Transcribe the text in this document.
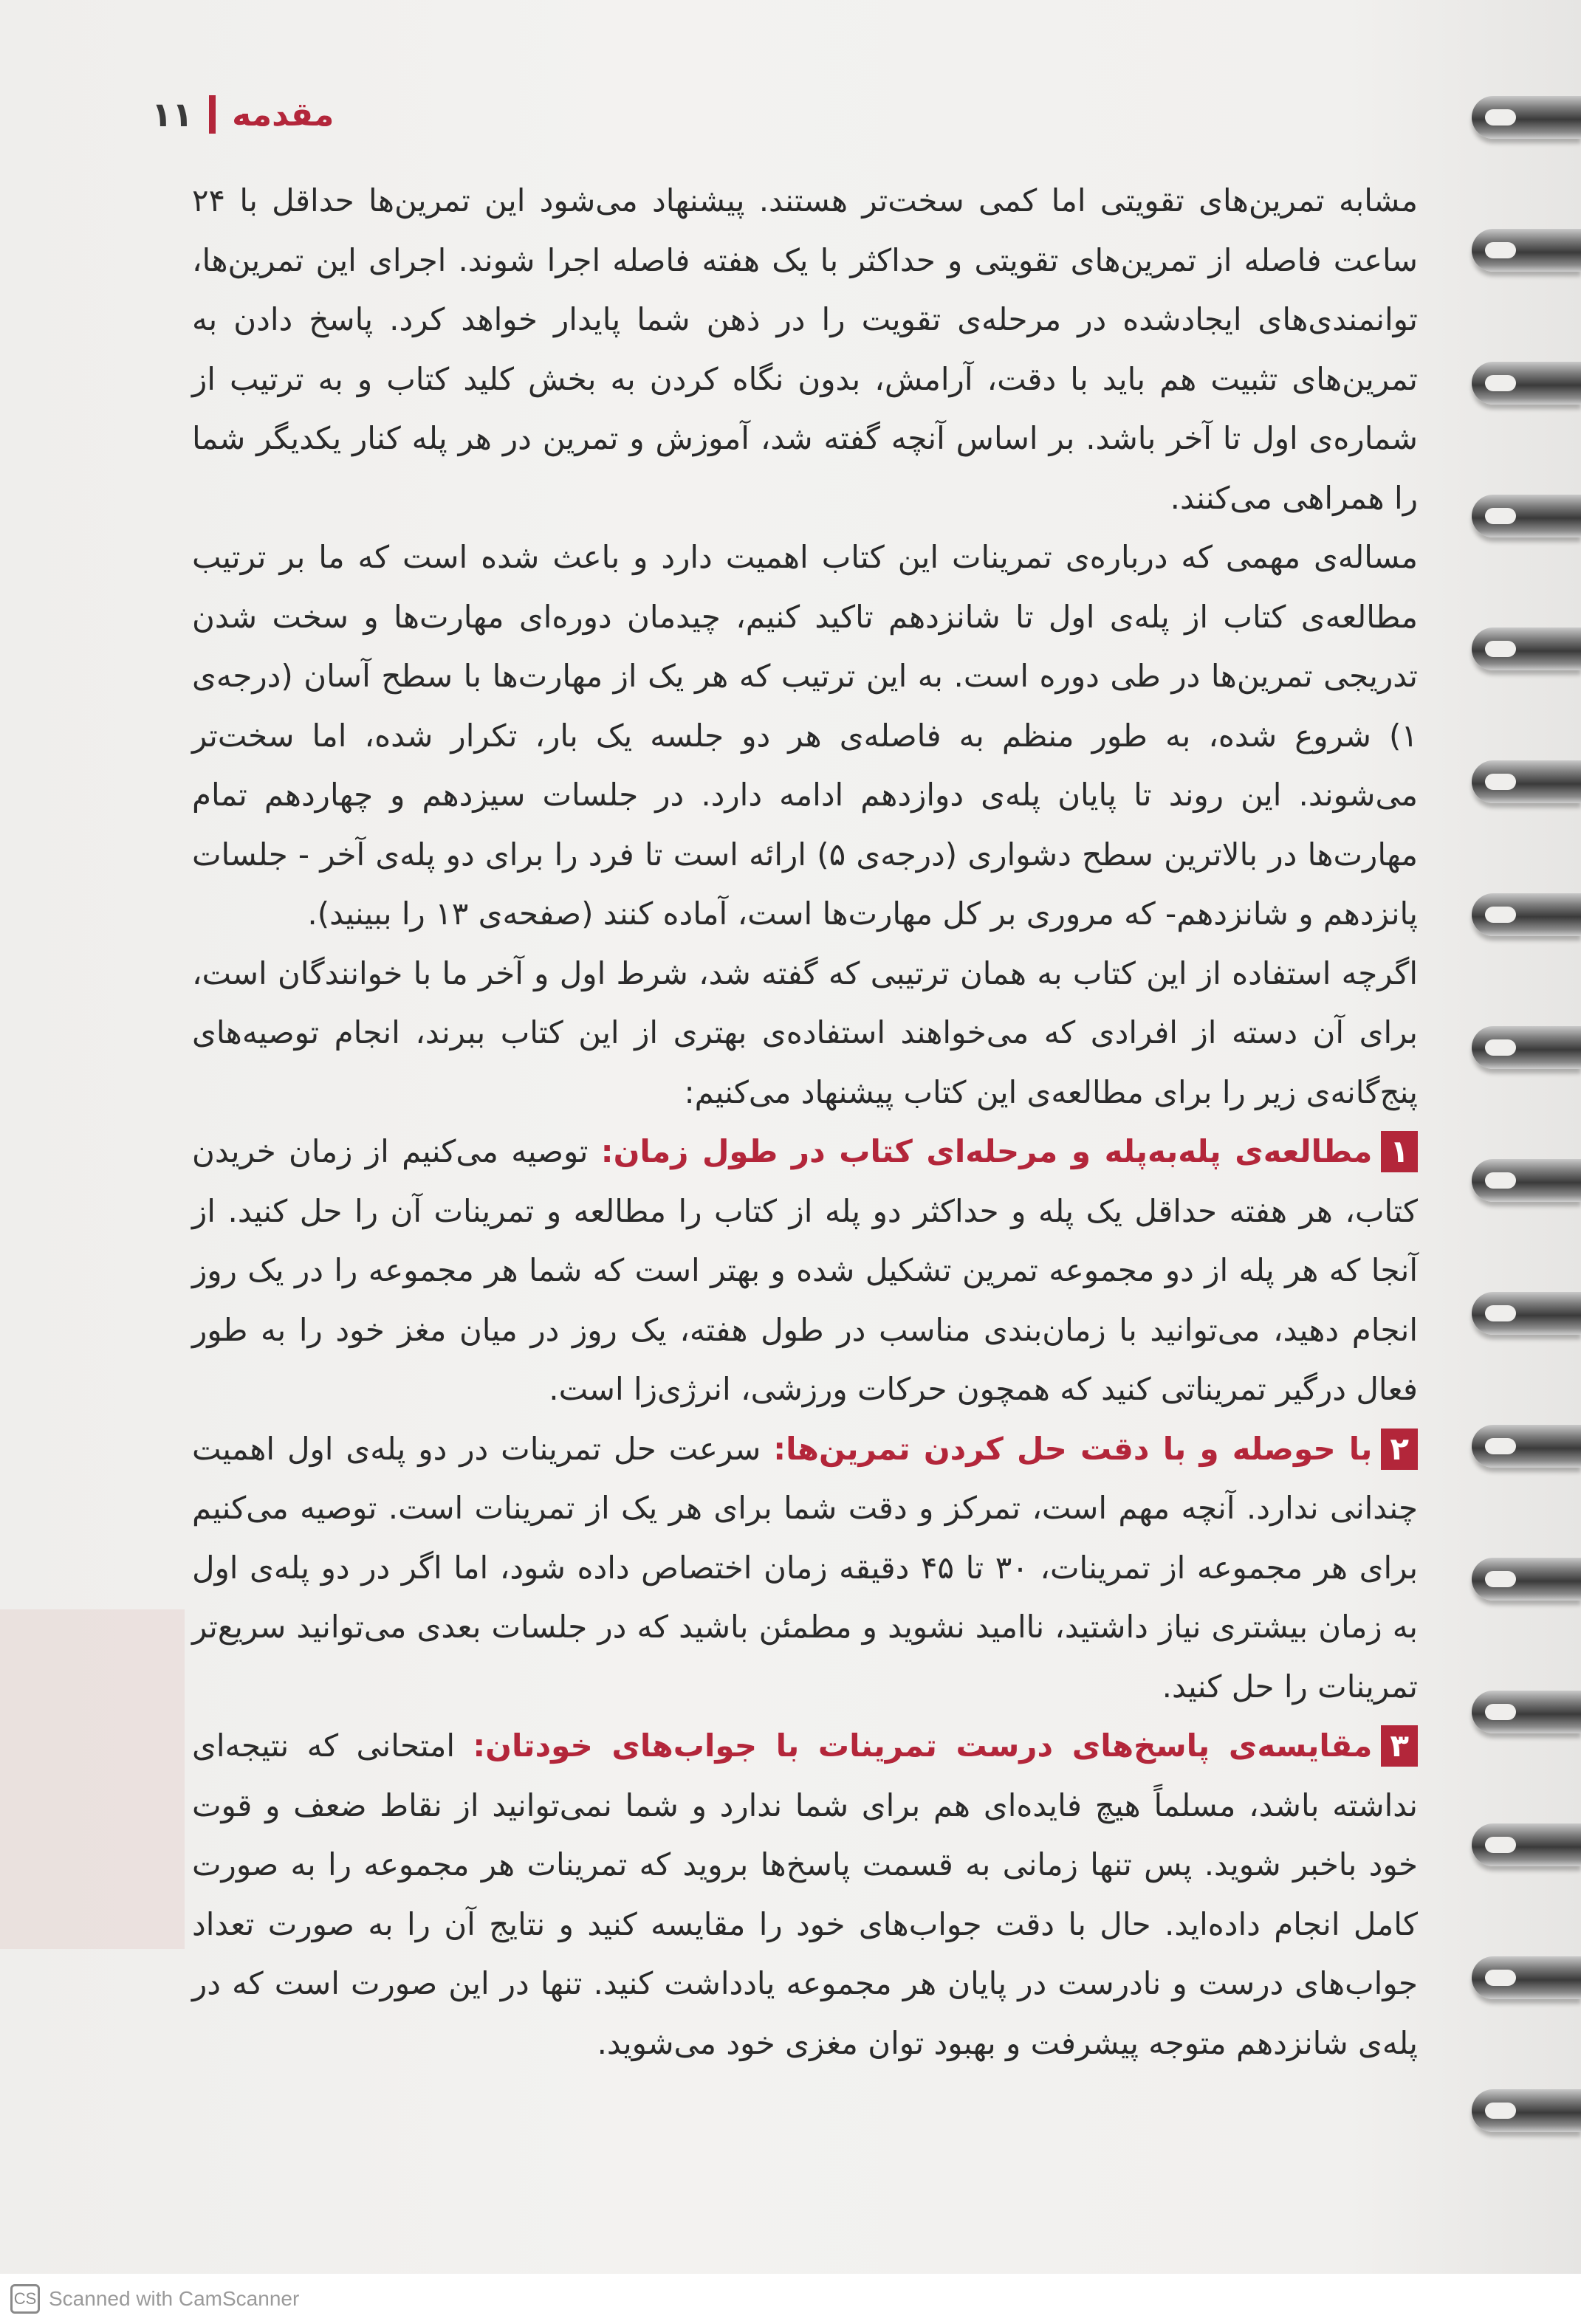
۱۱ مقدمه

مشابه تمرین‌های تقویتی اما کمی سخت‌تر هستند. پیشنهاد می‌شود این تمرین‌ها حداقل با ۲۴ ساعت فاصله از تمرین‌های تقویتی و حداکثر با یک هفته فاصله اجرا شوند. اجرای این تمرین‌ها، توانمندی‌های ایجادشده در مرحله‌ی تقویت را در ذهن شما پایدار خواهد کرد. پاسخ دادن به تمرین‌های تثبیت هم باید با دقت، آرامش، بدون نگاه کردن به بخش کلید کتاب و به ترتیب از شماره‌ی اول تا آخر باشد. بر اساس آنچه گفته شد، آموزش و تمرین در هر پله کنار یکدیگر شما را همراهی می‌کنند.

مساله‌ی مهمی که درباره‌ی تمرینات این کتاب اهمیت دارد و باعث شده است که ما بر ترتیب مطالعه‌ی کتاب از پله‌ی اول تا شانزدهم تاکید کنیم، چیدمان دوره‌ای مهارت‌ها و سخت شدن تدریجی تمرین‌ها در طی دوره است. به این ترتیب که هر یک از مهارت‌ها با سطح آسان (درجه‌ی ۱) شروع شده، به طور منظم به فاصله‌ی هر دو جلسه یک بار، تکرار شده، اما سخت‌تر می‌شوند. این روند تا پایان پله‌ی دوازدهم ادامه دارد. در جلسات سیزدهم و چهاردهم تمام مهارت‌ها در بالاترین سطح دشواری (درجه‌ی ۵) ارائه است تا فرد را برای دو پله‌ی آخر - جلسات پانزدهم و شانزدهم- که مروری بر کل مهارت‌ها است، آماده کنند (صفحه‌ی ۱۳ را ببینید).

اگرچه استفاده از این کتاب به همان ترتیبی که گفته شد، شرط اول و آخر ما با خوانندگان است، برای آن دسته از افرادی که می‌خواهند استفاده‌ی بهتری از این کتاب ببرند، انجام توصیه‌های پنج‌گانه‌ی زیر را برای مطالعه‌ی این کتاب پیشنهاد می‌کنیم:

۱مطالعه‌ی پله‌به‌پله و مرحله‌ای کتاب در طول زمان: توصیه می‌کنیم از زمان خریدن کتاب، هر هفته حداقل یک پله و حداکثر دو پله از کتاب را مطالعه و تمرینات آن را حل کنید. از آنجا که هر پله از دو مجموعه تمرین تشکیل شده و بهتر است که شما هر مجموعه را در یک روز انجام دهید، می‌توانید با زمان‌بندی مناسب در طول هفته، یک روز در میان مغز خود را به طور فعال درگیر تمریناتی کنید که همچون حرکات ورزشی، انرژی‌زا است.

۲با حوصله و با دقت حل کردن تمرین‌ها: سرعت حل تمرینات در دو پله‌ی اول اهمیت چندانی ندارد. آنچه مهم است، تمرکز و دقت شما برای هر یک از تمرینات است. توصیه می‌کنیم برای هر مجموعه از تمرینات، ۳۰ تا ۴۵ دقیقه زمان اختصاص داده شود، اما اگر در دو پله‌ی اول به زمان بیشتری نیاز داشتید، ناامید نشوید و مطمئن باشید که در جلسات بعدی می‌توانید سریع‌تر تمرینات را حل کنید.

۳مقایسه‌ی پاسخ‌های درست تمرینات با جواب‌های خودتان: امتحانی که نتیجه‌ای نداشته باشد، مسلماً هیچ فایده‌ای هم برای شما ندارد و شما نمی‌توانید از نقاط ضعف و قوت خود باخبر شوید. پس تنها زمانی به قسمت پاسخ‌ها بروید که تمرینات هر مجموعه را به صورت کامل انجام داده‌اید. حال با دقت جواب‌های خود را مقایسه کنید و نتایج آن را به صورت تعداد جواب‌های درست و نادرست در پایان هر مجموعه یادداشت کنید. تنها در این صورت است که در پله‌ی شانزدهم متوجه پیشرفت و بهبود توان مغزی خود می‌شوید.

CS Scanned with CamScanner
